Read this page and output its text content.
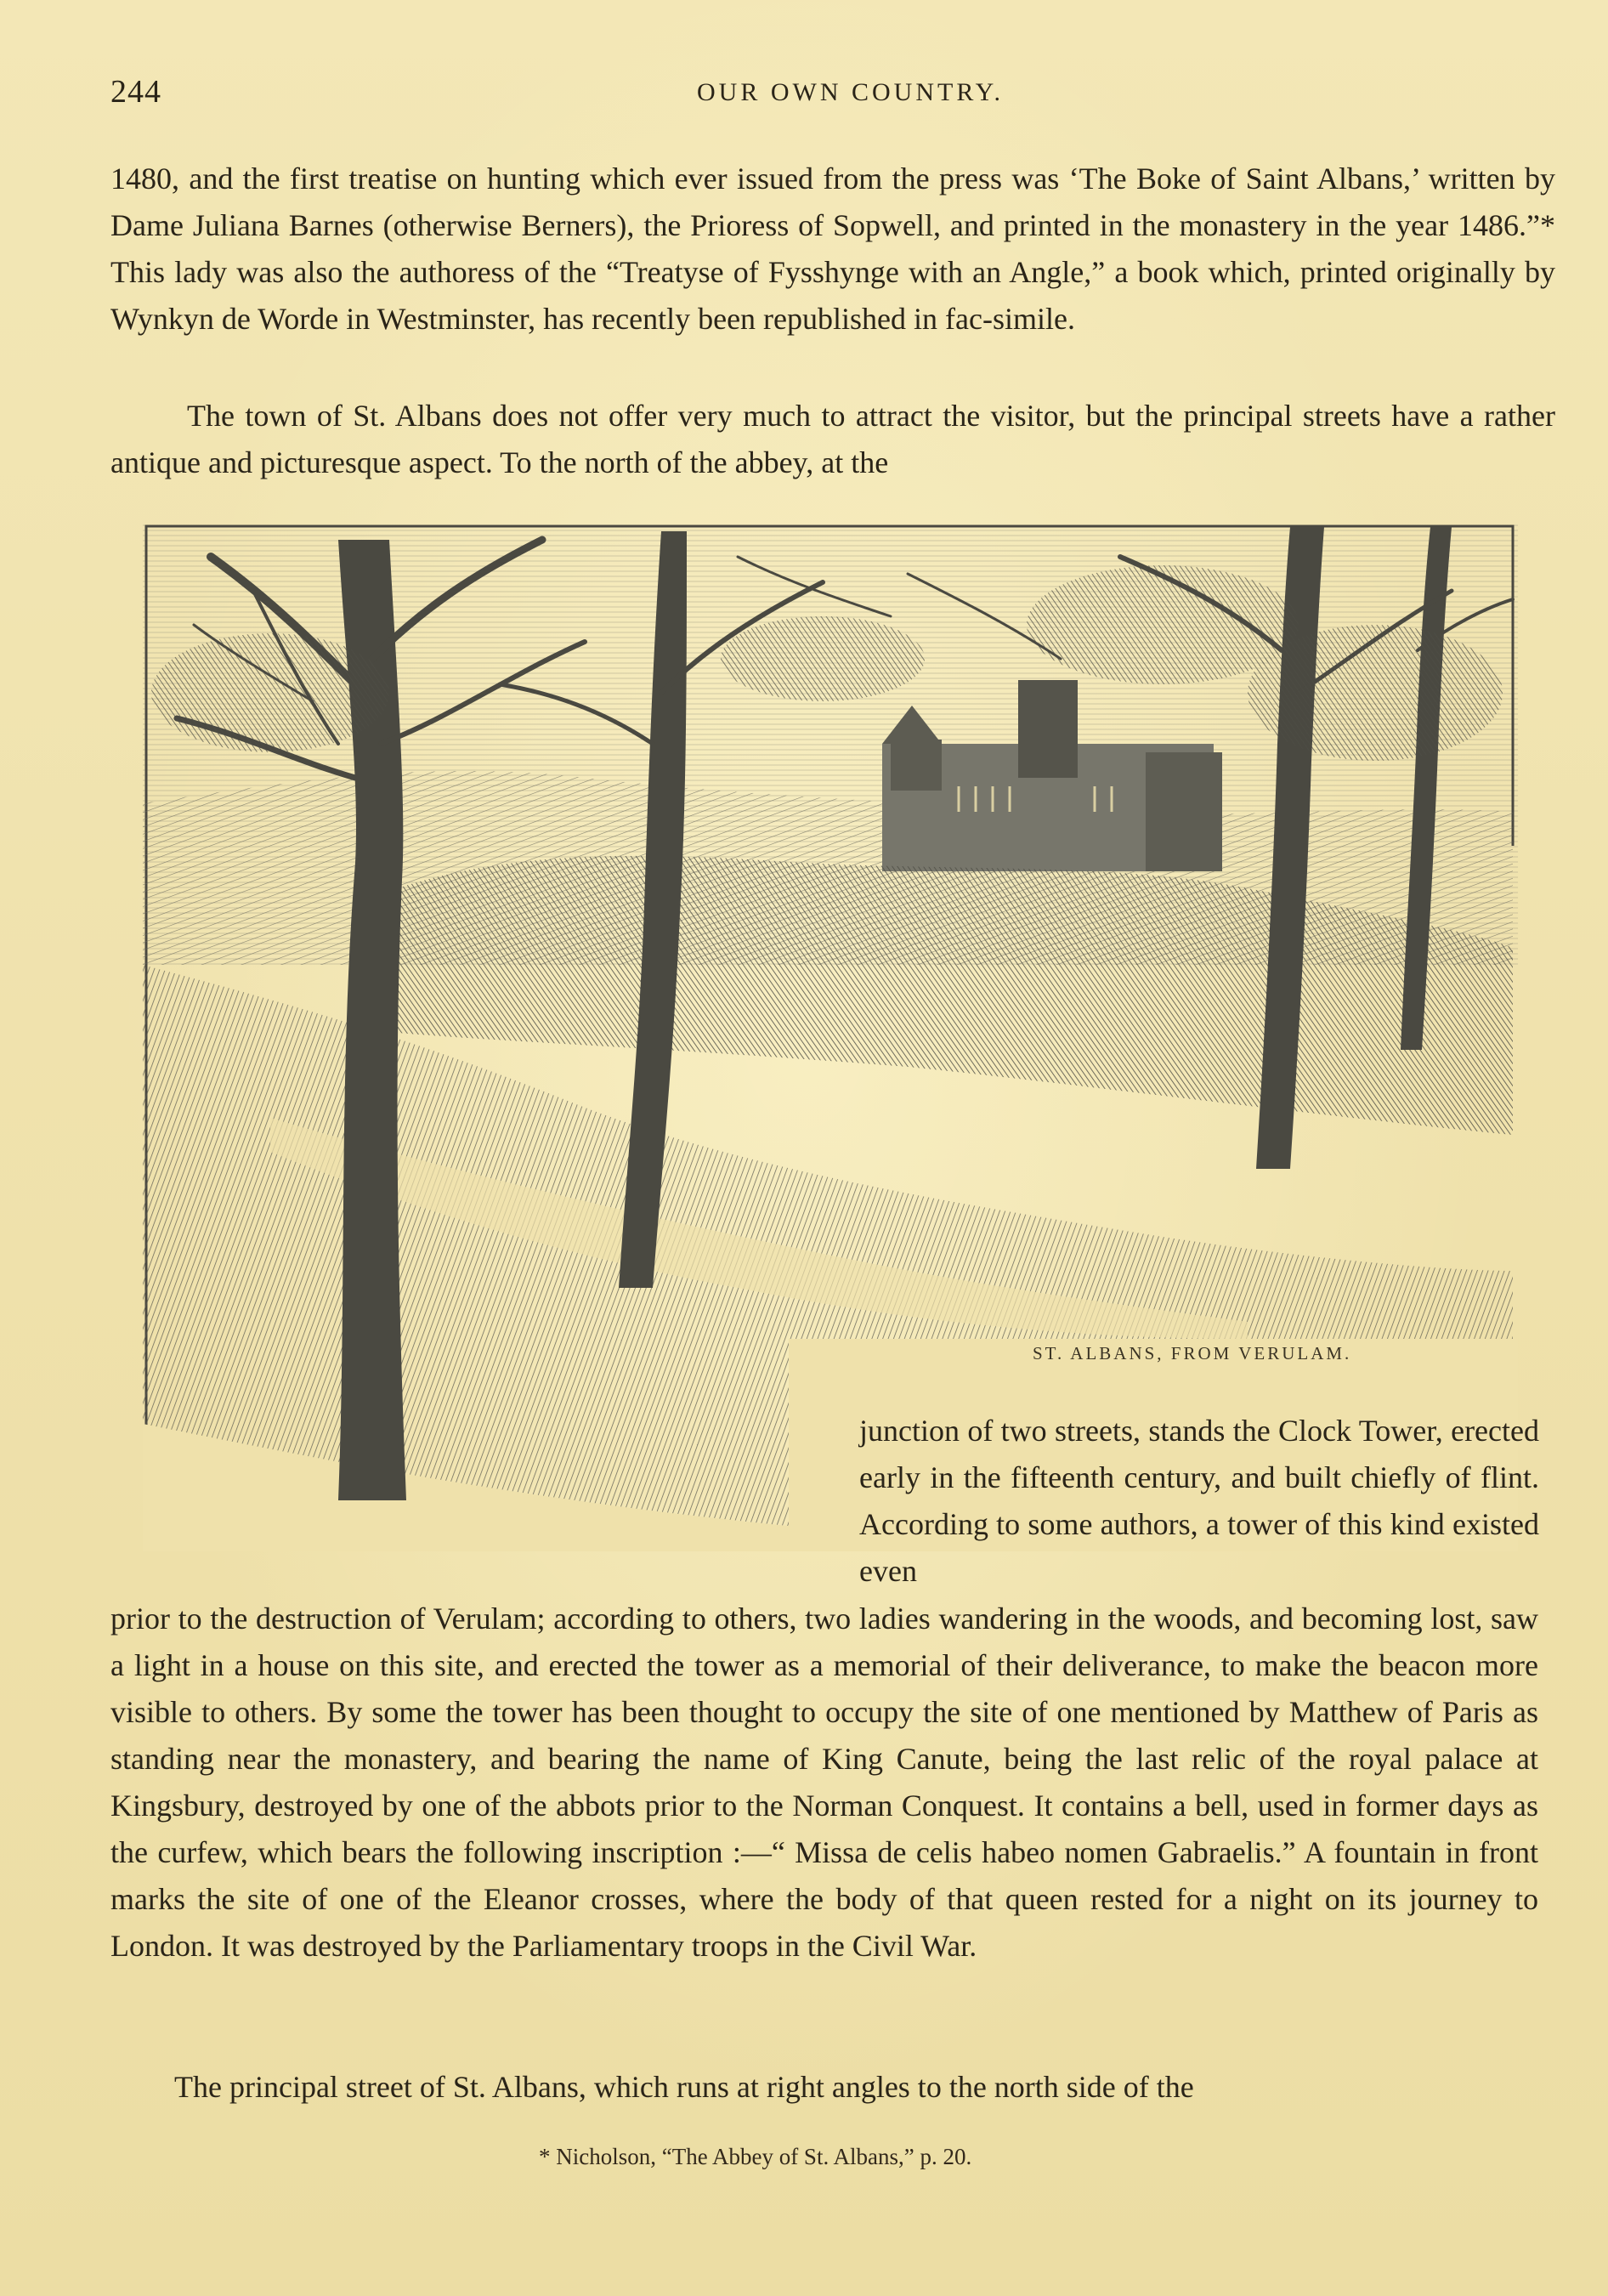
244	OUR OWN COUNTRY.

1480, and the first treatise on hunting which ever issued from the press was ‘The Boke of Saint Albans,’ written by Dame Juliana Barnes (otherwise Berners), the Prioress of Sopwell, and printed in the monastery in the year 1486.”* This lady was also the authoress of the “Treatyse of Fysshynge with an Angle,” a book which, printed originally by Wynkyn de Worde in Westminster, has recently been republished in fac-simile.

The town of St. Albans does not offer very much to attract the visitor, but the principal streets have a rather antique and picturesque aspect. To the north of the abbey, at the

ST. ALBANS, FROM VERULAM.

junction of two streets, stands the Clock Tower, erected early in the fifteenth century, and built chiefly of flint. According to some authors, a tower of this kind existed even

prior to the destruction of Verulam; according to others, two ladies wandering in the woods, and becoming lost, saw a light in a house on this site, and erected the tower as a memorial of their deliverance, to make the beacon more visible to others. By some the tower has been thought to occupy the site of one mentioned by Matthew of Paris as standing near the monastery, and bearing the name of King Canute, being the last relic of the royal palace at Kingsbury, destroyed by one of the abbots prior to the Norman Conquest. It contains a bell, used in former days as the curfew, which bears the following inscription :—“ Missa de celis habeo nomen Gabraelis.” A fountain in front marks the site of one of the Eleanor crosses, where the body of that queen rested for a night on its journey to London. It was destroyed by the Parliamentary troops in the Civil War.

The principal street of St. Albans, which runs at right angles to the north side of the

* Nicholson, “The Abbey of St. Albans,” p. 20.
